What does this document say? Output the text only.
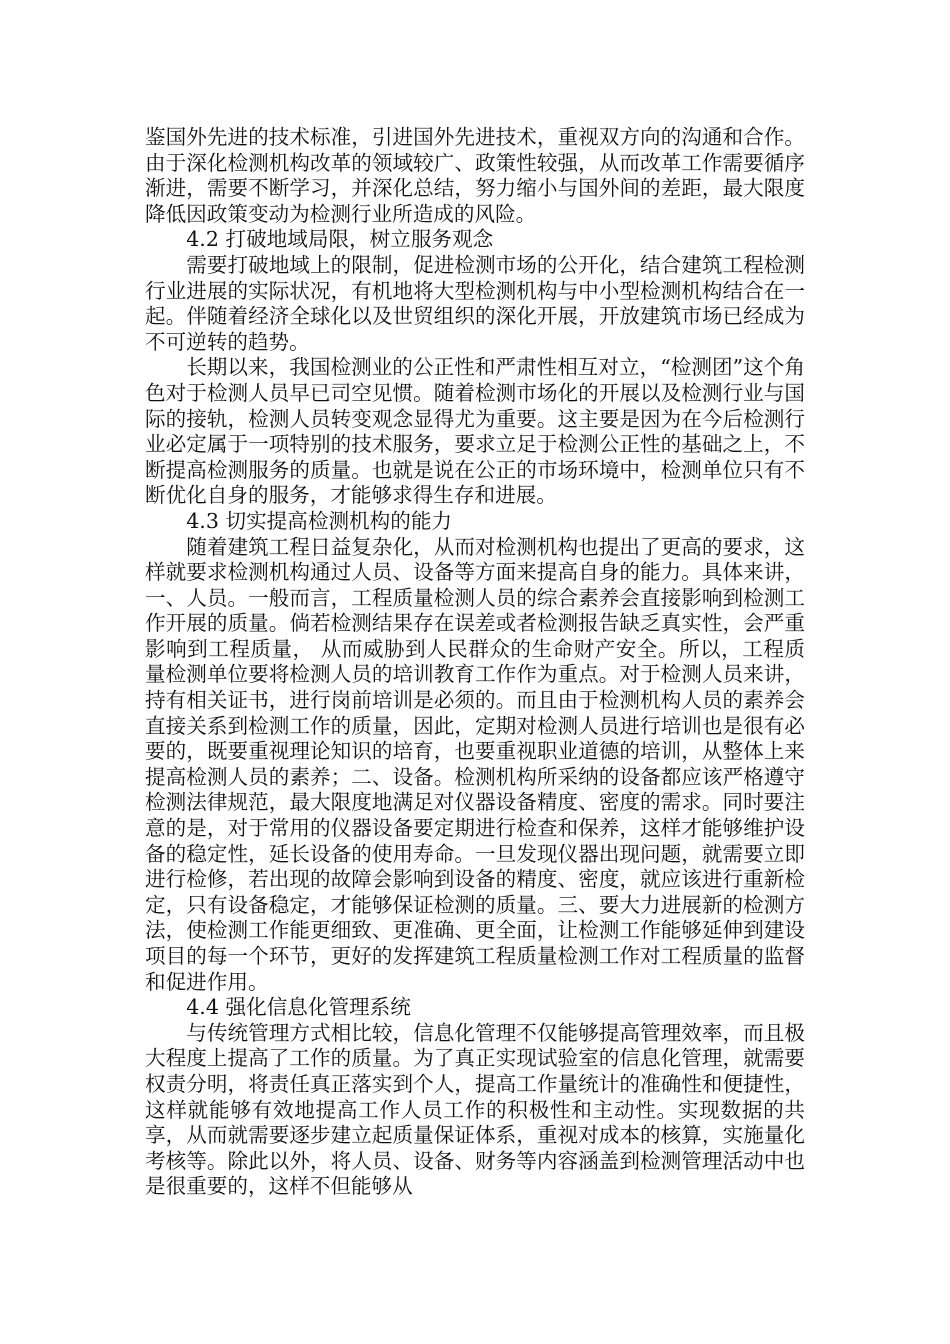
鉴国外先进的技术标准，引进国外先进技术，重视双方向的沟通和合作。由于深化检测机构改革的领域较广、政策性较强，从而改革工作需要循序渐进，需要不断学习，并深化总结，努力缩小与国外间的差距，最大限度降低因政策变动为检测行业所造成的风险。

4.2 打破地域局限，树立服务观念

需要打破地域上的限制，促进检测市场的公开化，结合建筑工程检测行业进展的实际状况，有机地将大型检测机构与中小型检测机构结合在一起。伴随着经济全球化以及世贸组织的深化开展，开放建筑市场已经成为不可逆转的趋势。

长期以来，我国检测业的公正性和严肃性相互对立，“检测团”这个角色对于检测人员早已司空见惯。随着检测市场化的开展以及检测行业与国际的接轨，检测人员转变观念显得尤为重要。这主要是因为在今后检测行业必定属于一项特别的技术服务，要求立足于检测公正性的基础之上，不断提高检测服务的质量。也就是说在公正的市场环境中，检测单位只有不断优化自身的服务，才能够求得生存和进展。

4.3 切实提高检测机构的能力

随着建筑工程日益复杂化，从而对检测机构也提出了更高的要求，这样就要求检测机构通过人员、设备等方面来提高自身的能力。具体来讲，一、人员。一般而言，工程质量检测人员的综合素养会直接影响到检测工作开展的质量。倘若检测结果存在误差或者检测报告缺乏真实性，会严重影响到工程质量， 从而威胁到人民群众的生命财产安全。所以，工程质量检测单位要将检测人员的培训教育工作作为重点。对于检测人员来讲，持有相关证书，进行岗前培训是必须的。而且由于检测机构人员的素养会直接关系到检测工作的质量，因此，定期对检测人员进行培训也是很有必要的，既要重视理论知识的培育，也要重视职业道德的培训，从整体上来提高检测人员的素养；二、设备。检测机构所采纳的设备都应该严格遵守检测法律规范，最大限度地满足对仪器设备精度、密度的需求。同时要注意的是，对于常用的仪器设备要定期进行检查和保养，这样才能够维护设备的稳定性，延长设备的使用寿命。一旦发现仪器出现问题，就需要立即进行检修，若出现的故障会影响到设备的精度、密度，就应该进行重新检定，只有设备稳定，才能够保证检测的质量。三、要大力进展新的检测方法，使检测工作能更细致、更准确、更全面，让检测工作能够延伸到建设项目的每一个环节，更好的发挥建筑工程质量检测工作对工程质量的监督和促进作用。

4.4 强化信息化管理系统

与传统管理方式相比较，信息化管理不仅能够提高管理效率，而且极大程度上提高了工作的质量。为了真正实现试验室的信息化管理，就需要权责分明，将责任真正落实到个人，提高工作量统计的准确性和便捷性，这样就能够有效地提高工作人员工作的积极性和主动性。实现数据的共享，从而就需要逐步建立起质量保证体系，重视对成本的核算，实施量化考核等。除此以外，将人员、设备、财务等内容涵盖到检测管理活动中也是很重要的，这样不但能够从
